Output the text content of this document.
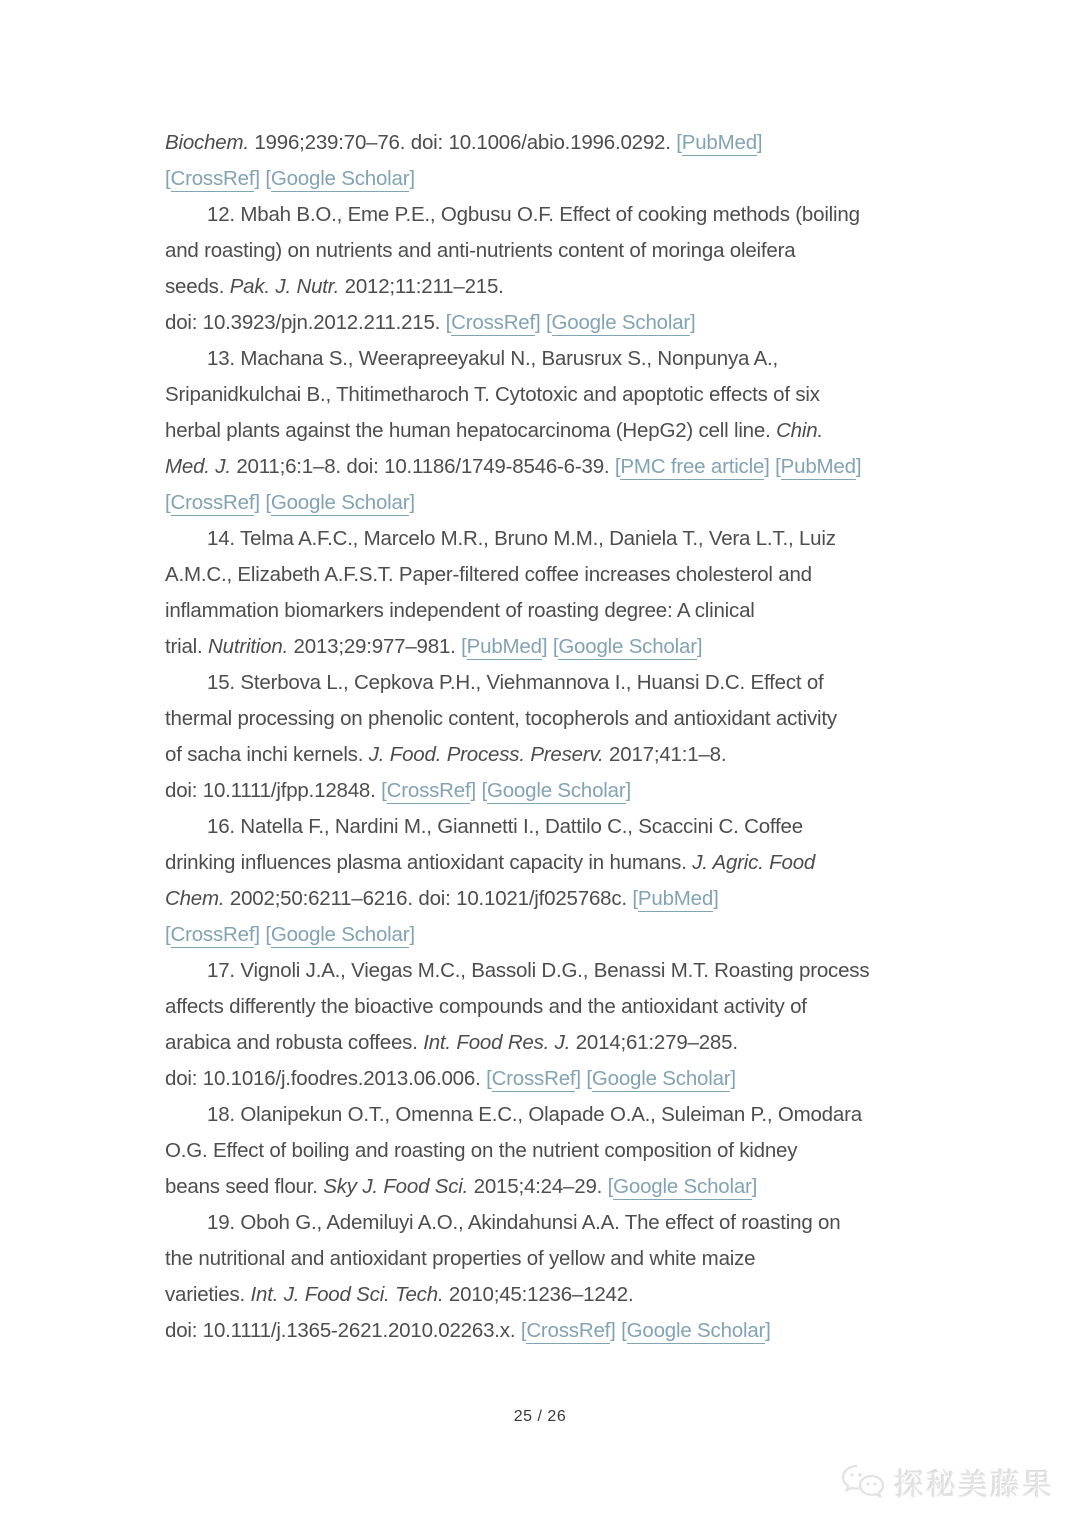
Biochem. 1996;239:70–76. doi: 10.1006/abio.1996.0292. [PubMed]
[CrossRef] [Google Scholar]
12. Mbah B.O., Eme P.E., Ogbusu O.F. Effect of cooking methods (boiling
and roasting) on nutrients and anti-nutrients content of moringa oleifera
seeds. Pak. J. Nutr. 2012;11:211–215.
doi: 10.3923/pjn.2012.211.215. [CrossRef] [Google Scholar]
13. Machana S., Weerapreeyakul N., Barusrux S., Nonpunya A.,
Sripanidkulchai B., Thitimetharoch T. Cytotoxic and apoptotic effects of six
herbal plants against the human hepatocarcinoma (HepG2) cell line. Chin.
Med. J. 2011;6:1–8. doi: 10.1186/1749-8546-6-39. [PMC free article] [PubMed]
[CrossRef] [Google Scholar]
14. Telma A.F.C., Marcelo M.R., Bruno M.M., Daniela T., Vera L.T., Luiz
A.M.C., Elizabeth A.F.S.T. Paper-filtered coffee increases cholesterol and
inflammation biomarkers independent of roasting degree: A clinical
trial. Nutrition. 2013;29:977–981. [PubMed] [Google Scholar]
15. Sterbova L., Cepkova P.H., Viehmannova I., Huansi D.C. Effect of
thermal processing on phenolic content, tocopherols and antioxidant activity
of sacha inchi kernels. J. Food. Process. Preserv. 2017;41:1–8.
doi: 10.1111/jfpp.12848. [CrossRef] [Google Scholar]
16. Natella F., Nardini M., Giannetti I., Dattilo C., Scaccini C. Coffee
drinking influences plasma antioxidant capacity in humans. J. Agric. Food
Chem. 2002;50:6211–6216. doi: 10.1021/jf025768c. [PubMed]
[CrossRef] [Google Scholar]
17. Vignoli J.A., Viegas M.C., Bassoli D.G., Benassi M.T. Roasting process
affects differently the bioactive compounds and the antioxidant activity of
arabica and robusta coffees. Int. Food Res. J. 2014;61:279–285.
doi: 10.1016/j.foodres.2013.06.006. [CrossRef] [Google Scholar]
18. Olanipekun O.T., Omenna E.C., Olapade O.A., Suleiman P., Omodara
O.G. Effect of boiling and roasting on the nutrient composition of kidney
beans seed flour. Sky J. Food Sci. 2015;4:24–29. [Google Scholar]
19. Oboh G., Ademiluyi A.O., Akindahunsi A.A. The effect of roasting on
the nutritional and antioxidant properties of yellow and white maize
varieties. Int. J. Food Sci. Tech. 2010;45:1236–1242.
doi: 10.1111/j.1365-2621.2010.02263.x. [CrossRef] [Google Scholar]
25 / 26
探秘美藤果
